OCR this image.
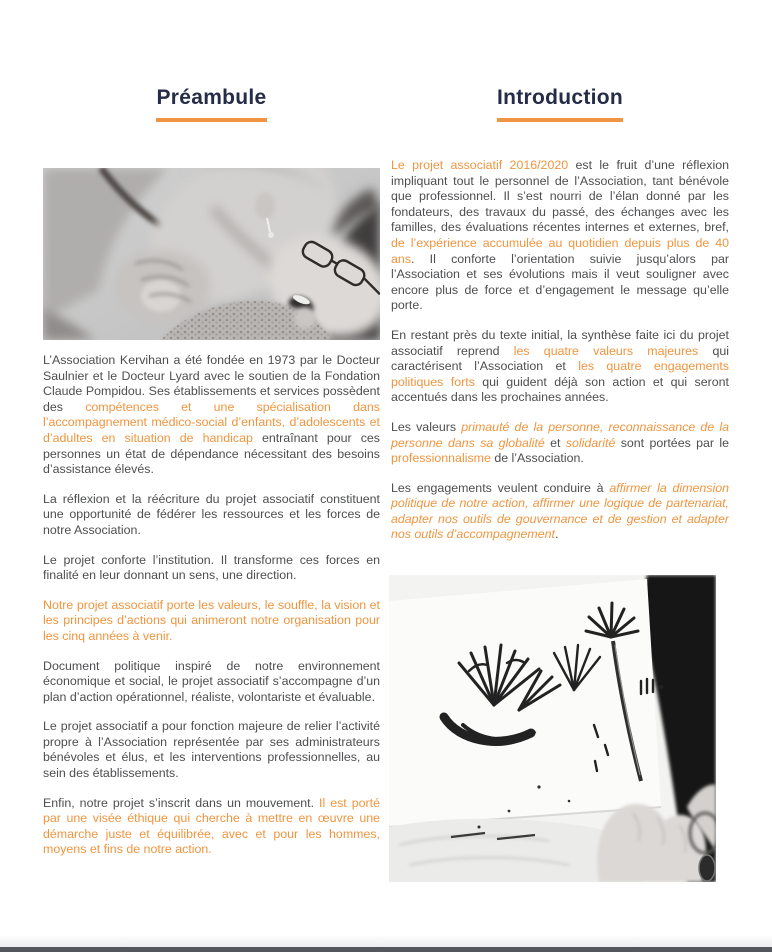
Préambule	Introduction

L’Association Kervihan a été fondée en 1973 par le Docteur Saulnier et le Docteur Lyard avec le soutien de la Fondation Claude Pompidou. Ses établissements et services possèdent des compétences et une spécialisation dans l’accompagnement médico-social d’enfants, d’adolescents et d’adultes en situation de handicap entraînant pour ces personnes un état de dépendance nécessitant des besoins d’assistance élevés.

La réflexion et la réécriture du projet associatif constituent une opportunité de fédérer les ressources et les forces de notre Association.

Le projet conforte l’institution. Il transforme ces forces en finalité en leur donnant un sens, une direction.

Notre projet associatif porte les valeurs, le souffle, la vision et les principes d’actions qui animeront notre organisation pour les cinq années à venir.

Document politique inspiré de notre environnement économique et social, le projet associatif s’accompagne d’un plan d’action opérationnel, réaliste, volontariste et évaluable.

Le projet associatif a pour fonction majeure de relier l’activité propre à l’Association représentée par ses administrateurs bénévoles et élus, et les interventions professionnelles, au sein des établissements.

Enfin, notre projet s’inscrit dans un mouvement. Il est porté par une visée éthique qui cherche à mettre en œuvre une démarche juste et équilibrée, avec et pour les hommes, moyens et fins de notre action.

Le projet associatif 2016/2020 est le fruit d’une réflexion impliquant tout le personnel de l’Association, tant bénévole que professionnel. Il s’est nourri de l’élan donné par les fondateurs, des travaux du passé, des échanges avec les familles, des évaluations récentes internes et externes, bref, de l’expérience accumulée au quotidien depuis plus de 40 ans. Il conforte l’orientation suivie jusqu’alors par l’Association et ses évolutions mais il veut souligner avec encore plus de force et d’engagement le message qu’elle porte.

En restant près du texte initial, la synthèse faite ici du projet associatif reprend les quatre valeurs majeures qui caractérisent l’Association et les quatre engagements politiques forts qui guident déjà son action et qui seront accentués dans les prochaines années.

Les valeurs primauté de la personne, reconnaissance de la personne dans sa globalité et solidarité sont portées par le professionnalisme de l’Association.

Les engagements veulent conduire à affirmer la dimension politique de notre action, affirmer une logique de partenariat, adapter nos outils de gouvernance et de gestion et adapter nos outils d’accompagnement.
